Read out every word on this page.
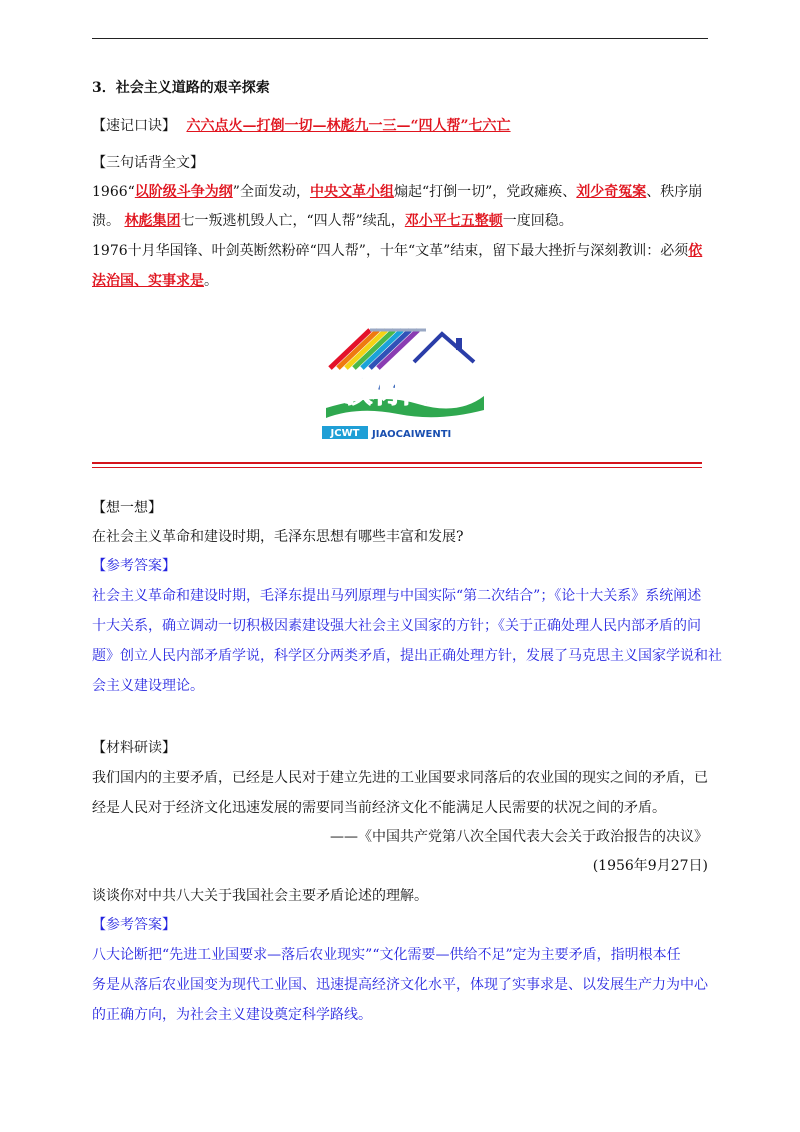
3．社会主义道路的艰辛探索
【速记口诀】 六六点火—打倒一切—林彪九一三—“四人帮”七六亡
【三句话背全文】
1966“以阶级斗争为纲”全面发动，中央文革小组煽起“打倒一切”，党政瘫痪、刘少奇冤案、秩序崩
溃。 林彪集团七一叛逃机毁人亡，“四人帮”续乱，邓小平七五整顿一度回稳。
1976十月华国锋、叶剑英断然粉碎“四人帮”，十年“文革”结束，留下最大挫折与深刻教训：必须依
法治国、实事求是。
教材问题
JCWT JIAOCAIWENTI
【想一想】
在社会主义革命和建设时期，毛泽东思想有哪些丰富和发展?
【参考答案】
社会主义革命和建设时期，毛泽东提出马列原理与中国实际“第二次结合”；《论十大关系》系统阐述
十大关系，确立调动一切积极因素建设强大社会主义国家的方针；《关于正确处理人民内部矛盾的问
题》创立人民内部矛盾学说，科学区分两类矛盾，提出正确处理方针，发展了马克思主义国家学说和社
会主义建设理论。
【材料研读】
我们国内的主要矛盾，已经是人民对于建立先进的工业国要求同落后的农业国的现实之间的矛盾，已
经是人民对于经济文化迅速发展的需要同当前经济文化不能满足人民需要的状况之间的矛盾。
——《中国共产党第八次全国代表大会关于政治报告的决议》
(1956年9月27日)
谈谈你对中共八大关于我国社会主要矛盾论述的理解。
【参考答案】
八大论断把“先进工业国要求—落后农业现实”“文化需要—供给不足”定为主要矛盾，指明根本任
务是从落后农业国变为现代工业国、迅速提高经济文化水平，体现了实事求是、以发展生产力为中心
的正确方向，为社会主义建设奠定科学路线。
